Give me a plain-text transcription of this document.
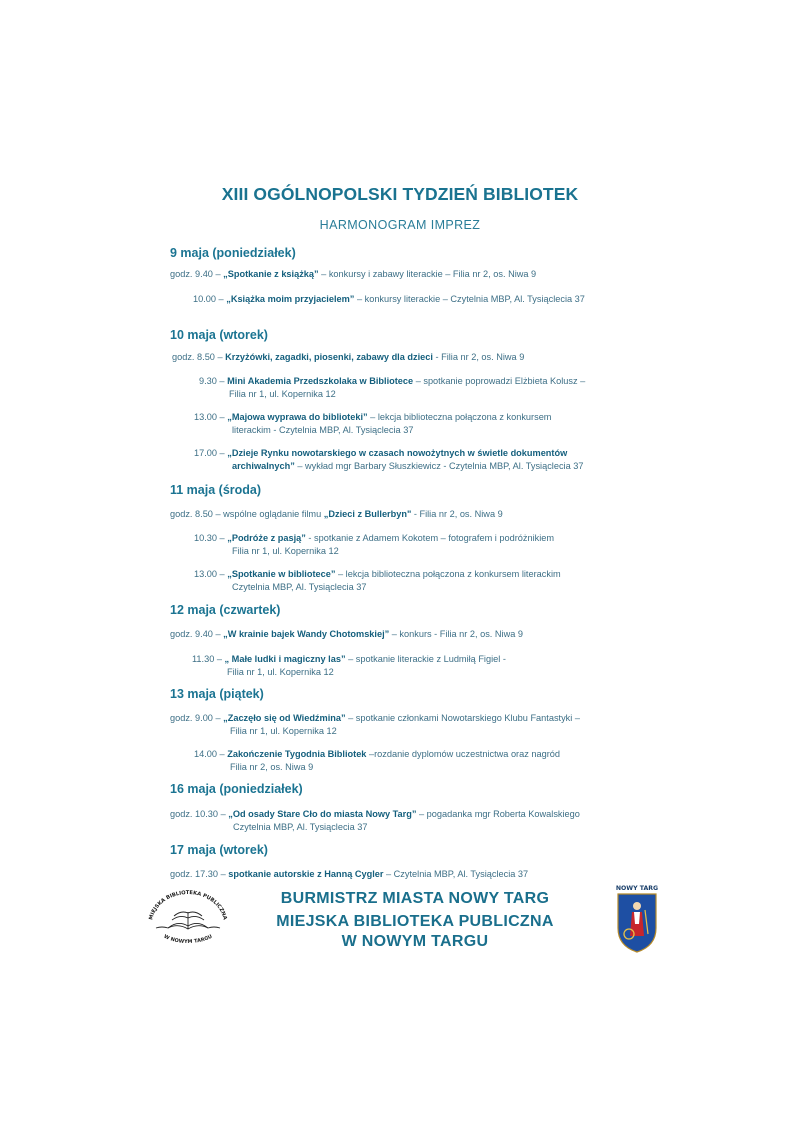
XIII OGÓLNOPOLSKI TYDZIEŃ BIBLIOTEK
HARMONOGRAM IMPREZ
9 maja (poniedziałek)
godz. 9.40 – „Spotkanie z książką” – konkursy i zabawy literackie – Filia nr 2, os. Niwa 9
10.00 – „Książka moim przyjacielem” – konkursy literackie – Czytelnia MBP, Al. Tysiąclecia 37
10 maja (wtorek)
godz. 8.50 – Krzyżówki, zagadki, piosenki, zabawy dla dzieci - Filia nr 2, os. Niwa 9
9.30 – Mini Akademia Przedszkolaka w Bibliotece – spotkanie poprowadzi Elżbieta Kolusz –
Filia nr 1, ul. Kopernika 12
13.00 – „Majowa wyprawa do biblioteki” – lekcja biblioteczna połączona z konkursem
literackim - Czytelnia MBP, Al. Tysiąclecia 37
17.00 – „Dzieje Rynku nowotarskiego w czasach nowożytnych w świetle dokumentów
archiwalnych” – wykład mgr Barbary Słuszkiewicz - Czytelnia MBP, Al. Tysiąclecia 37
11 maja (środa)
godz. 8.50 – wspólne oglądanie filmu „Dzieci z Bullerbyn" - Filia nr 2, os. Niwa 9
10.30 – „Podróże z pasją” - spotkanie z Adamem Kokotem – fotografem i podróżnikiem
Filia nr 1, ul. Kopernika 12
13.00 – „Spotkanie w bibliotece” – lekcja biblioteczna połączona z konkursem literackim
Czytelnia MBP, Al. Tysiąclecia 37
12 maja (czwartek)
godz. 9.40 – „W krainie bajek Wandy Chotomskiej” – konkurs - Filia nr 2, os. Niwa 9
11.30 – „ Małe ludki i magiczny las” – spotkanie literackie z Ludmiłą Figiel -
Filia nr 1, ul. Kopernika 12
13 maja (piątek)
godz. 9.00 – „Zaczęło się od Wiedźmina” – spotkanie członkami Nowotarskiego Klubu Fantastyki –
Filia nr 1, ul. Kopernika 12
14.00 – Zakończenie Tygodnia Bibliotek –rozdanie dyplomów uczestnictwa oraz nagród
Filia nr 2, os. Niwa 9
16 maja (poniedziałek)
godz. 10.30 – „Od osady Stare Cło do miasta Nowy Targ” – pogadanka mgr Roberta Kowalskiego
Czytelnia MBP, Al. Tysiąclecia 37
17 maja (wtorek)
godz. 17.30 – spotkanie autorskie z Hanną Cygler – Czytelnia MBP, Al. Tysiąclecia 37
BURMISTRZ MIASTA NOWY TARG
MIEJSKA BIBLIOTEKA PUBLICZNA
W NOWYM TARGU
MIEJSKA BIBLIOTEKA PUBLICZNA
W NOWYM TARGU
NOWY TARG
